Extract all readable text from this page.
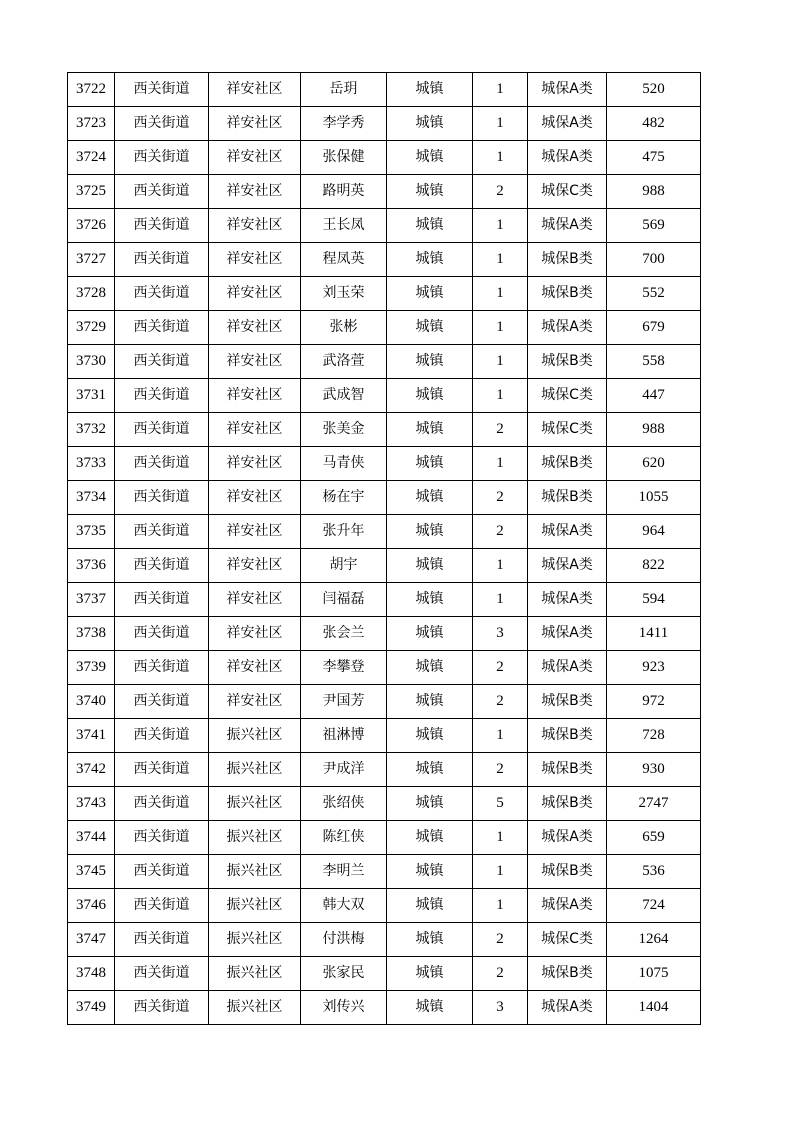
3722	西关街道	祥安社区	岳玥	城镇	1	城保A类	520
3723	西关街道	祥安社区	李学秀	城镇	1	城保A类	482
3724	西关街道	祥安社区	张保健	城镇	1	城保A类	475
3725	西关街道	祥安社区	路明英	城镇	2	城保C类	988
3726	西关街道	祥安社区	王长凤	城镇	1	城保A类	569
3727	西关街道	祥安社区	程凤英	城镇	1	城保B类	700
3728	西关街道	祥安社区	刘玉荣	城镇	1	城保B类	552
3729	西关街道	祥安社区	张彬	城镇	1	城保A类	679
3730	西关街道	祥安社区	武洛萱	城镇	1	城保B类	558
3731	西关街道	祥安社区	武成智	城镇	1	城保C类	447
3732	西关街道	祥安社区	张美金	城镇	2	城保C类	988
3733	西关街道	祥安社区	马青侠	城镇	1	城保B类	620
3734	西关街道	祥安社区	杨在宇	城镇	2	城保B类	1055
3735	西关街道	祥安社区	张升年	城镇	2	城保A类	964
3736	西关街道	祥安社区	胡宇	城镇	1	城保A类	822
3737	西关街道	祥安社区	闫福磊	城镇	1	城保A类	594
3738	西关街道	祥安社区	张会兰	城镇	3	城保A类	1411
3739	西关街道	祥安社区	李攀登	城镇	2	城保A类	923
3740	西关街道	祥安社区	尹国芳	城镇	2	城保B类	972
3741	西关街道	振兴社区	祖淋博	城镇	1	城保B类	728
3742	西关街道	振兴社区	尹成洋	城镇	2	城保B类	930
3743	西关街道	振兴社区	张绍侠	城镇	5	城保B类	2747
3744	西关街道	振兴社区	陈红侠	城镇	1	城保A类	659
3745	西关街道	振兴社区	李明兰	城镇	1	城保B类	536
3746	西关街道	振兴社区	韩大双	城镇	1	城保A类	724
3747	西关街道	振兴社区	付洪梅	城镇	2	城保C类	1264
3748	西关街道	振兴社区	张家民	城镇	2	城保B类	1075
3749	西关街道	振兴社区	刘传兴	城镇	3	城保A类	1404
